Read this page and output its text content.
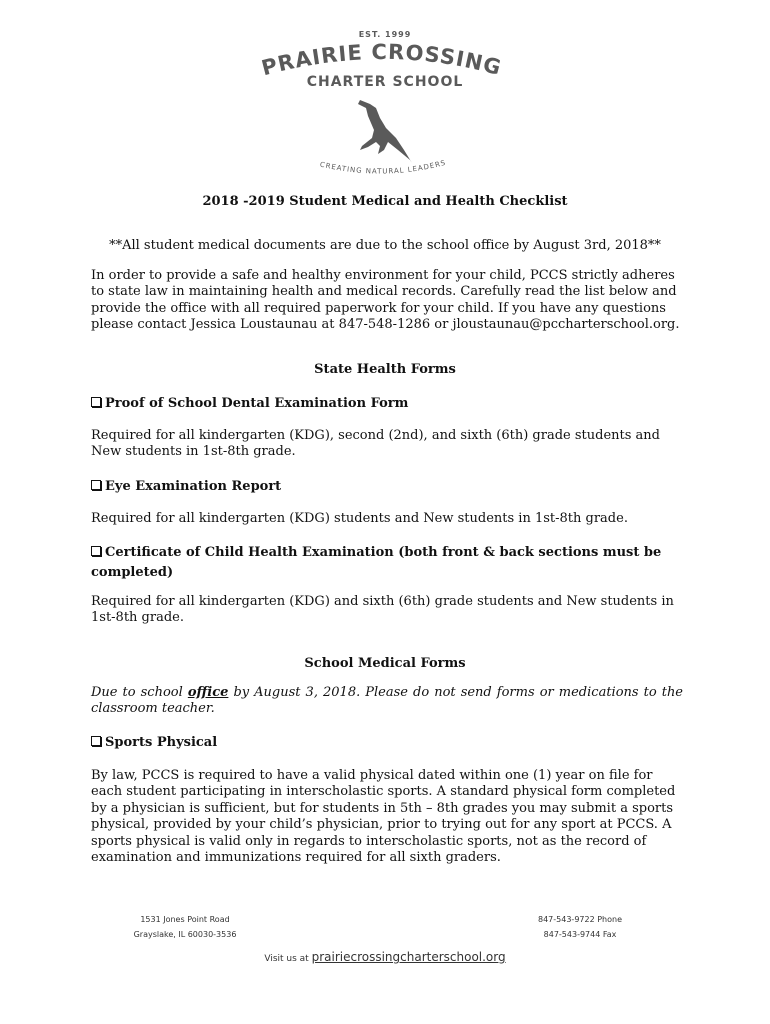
EST. 1999
PRAIRIE CROSSING
CREATING NATURAL LEADERS
CHARTER SCHOOL
2018 -2019 Student Medical and Health Checklist
**All student medical documents are due to the school office by August 3rd, 2018**

In order to provide a safe and healthy environment for your child, PCCS strictly adheres to state law in maintaining health and medical records. Carefully read the list below and provide the office with all required paperwork for your child. If you have any questions please contact Jessica Loustaunau at 847-548-1286 or jloustaunau@pccharterschool.org.

State Health Forms
Proof of School Dental Examination Form

Required for all kindergarten (KDG), second (2nd), and sixth (6th) grade students and New students in 1st-8th grade.

Eye Examination Report

Required for all kindergarten (KDG) students and New students in 1st-8th grade.

Certificate of Child Health Examination (both front & back sections must be completed)

Required for all kindergarten (KDG) and sixth (6th) grade students and New students in 1st-8th grade.

School Medical Forms

Due to school office by August 3, 2018. Please do not send forms or medications to the classroom teacher.

Sports Physical

By law, PCCS is required to have a valid physical dated within one (1) year on file for each student participating in interscholastic sports. A standard physical form completed by a physician is sufficient, but for students in 5th – 8th grades you may submit a sports physical, provided by your child’s physician, prior to trying out for any sport at PCCS. A sports physical is valid only in regards to interscholastic sports, not as the record of examination and immunizations required for all sixth graders.

1531 Jones Point Road
Grayslake, IL 60030-3536
847-543-9722 Phone
847-543-9744 Fax
Visit us at prairiecrossingcharterschool.org
